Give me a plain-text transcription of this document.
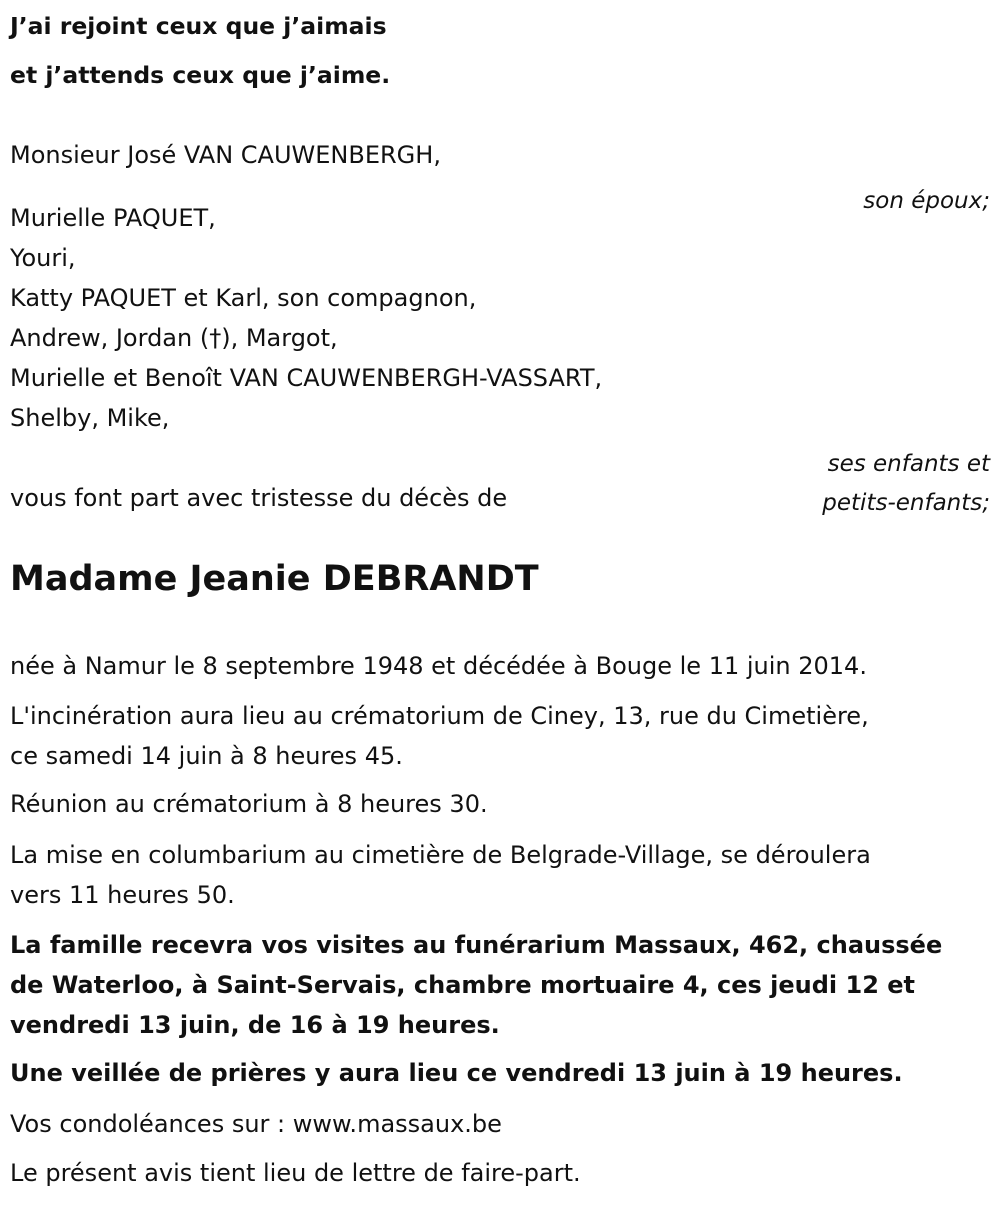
J’ai rejoint ceux que j’aimais

et j’attends ceux que j’aime.

Monsieur José VAN CAUWENBERGH,

son époux;

Murielle PAQUET,

Youri,

Katty PAQUET et Karl, son compagnon,

Andrew, Jordan (†), Margot,

Murielle et Benoît VAN CAUWENBERGH-VASSART,

Shelby, Mike,

ses enfants et

petits-enfants;

vous font part avec tristesse du décès de

Madame Jeanie DEBRANDT

née à Namur le 8 septembre 1948 et décédée à Bouge le 11 juin 2014.

L'incinération aura lieu au crématorium de Ciney, 13, rue du Cimetière,
ce samedi 14 juin à 8 heures 45.

Réunion au crématorium à 8 heures 30.

La mise en columbarium au cimetière de Belgrade-Village, se déroulera
vers 11 heures 50.

La famille recevra vos visites au funérarium Massaux, 462, chaussée
de Waterloo, à Saint-Servais, chambre mortuaire 4, ces jeudi 12 et
vendredi 13 juin, de 16 à 19 heures.

Une veillée de prières y aura lieu ce vendredi 13 juin à 19 heures.

Vos condoléances sur : www.massaux.be

Le présent avis tient lieu de lettre de faire-part.
